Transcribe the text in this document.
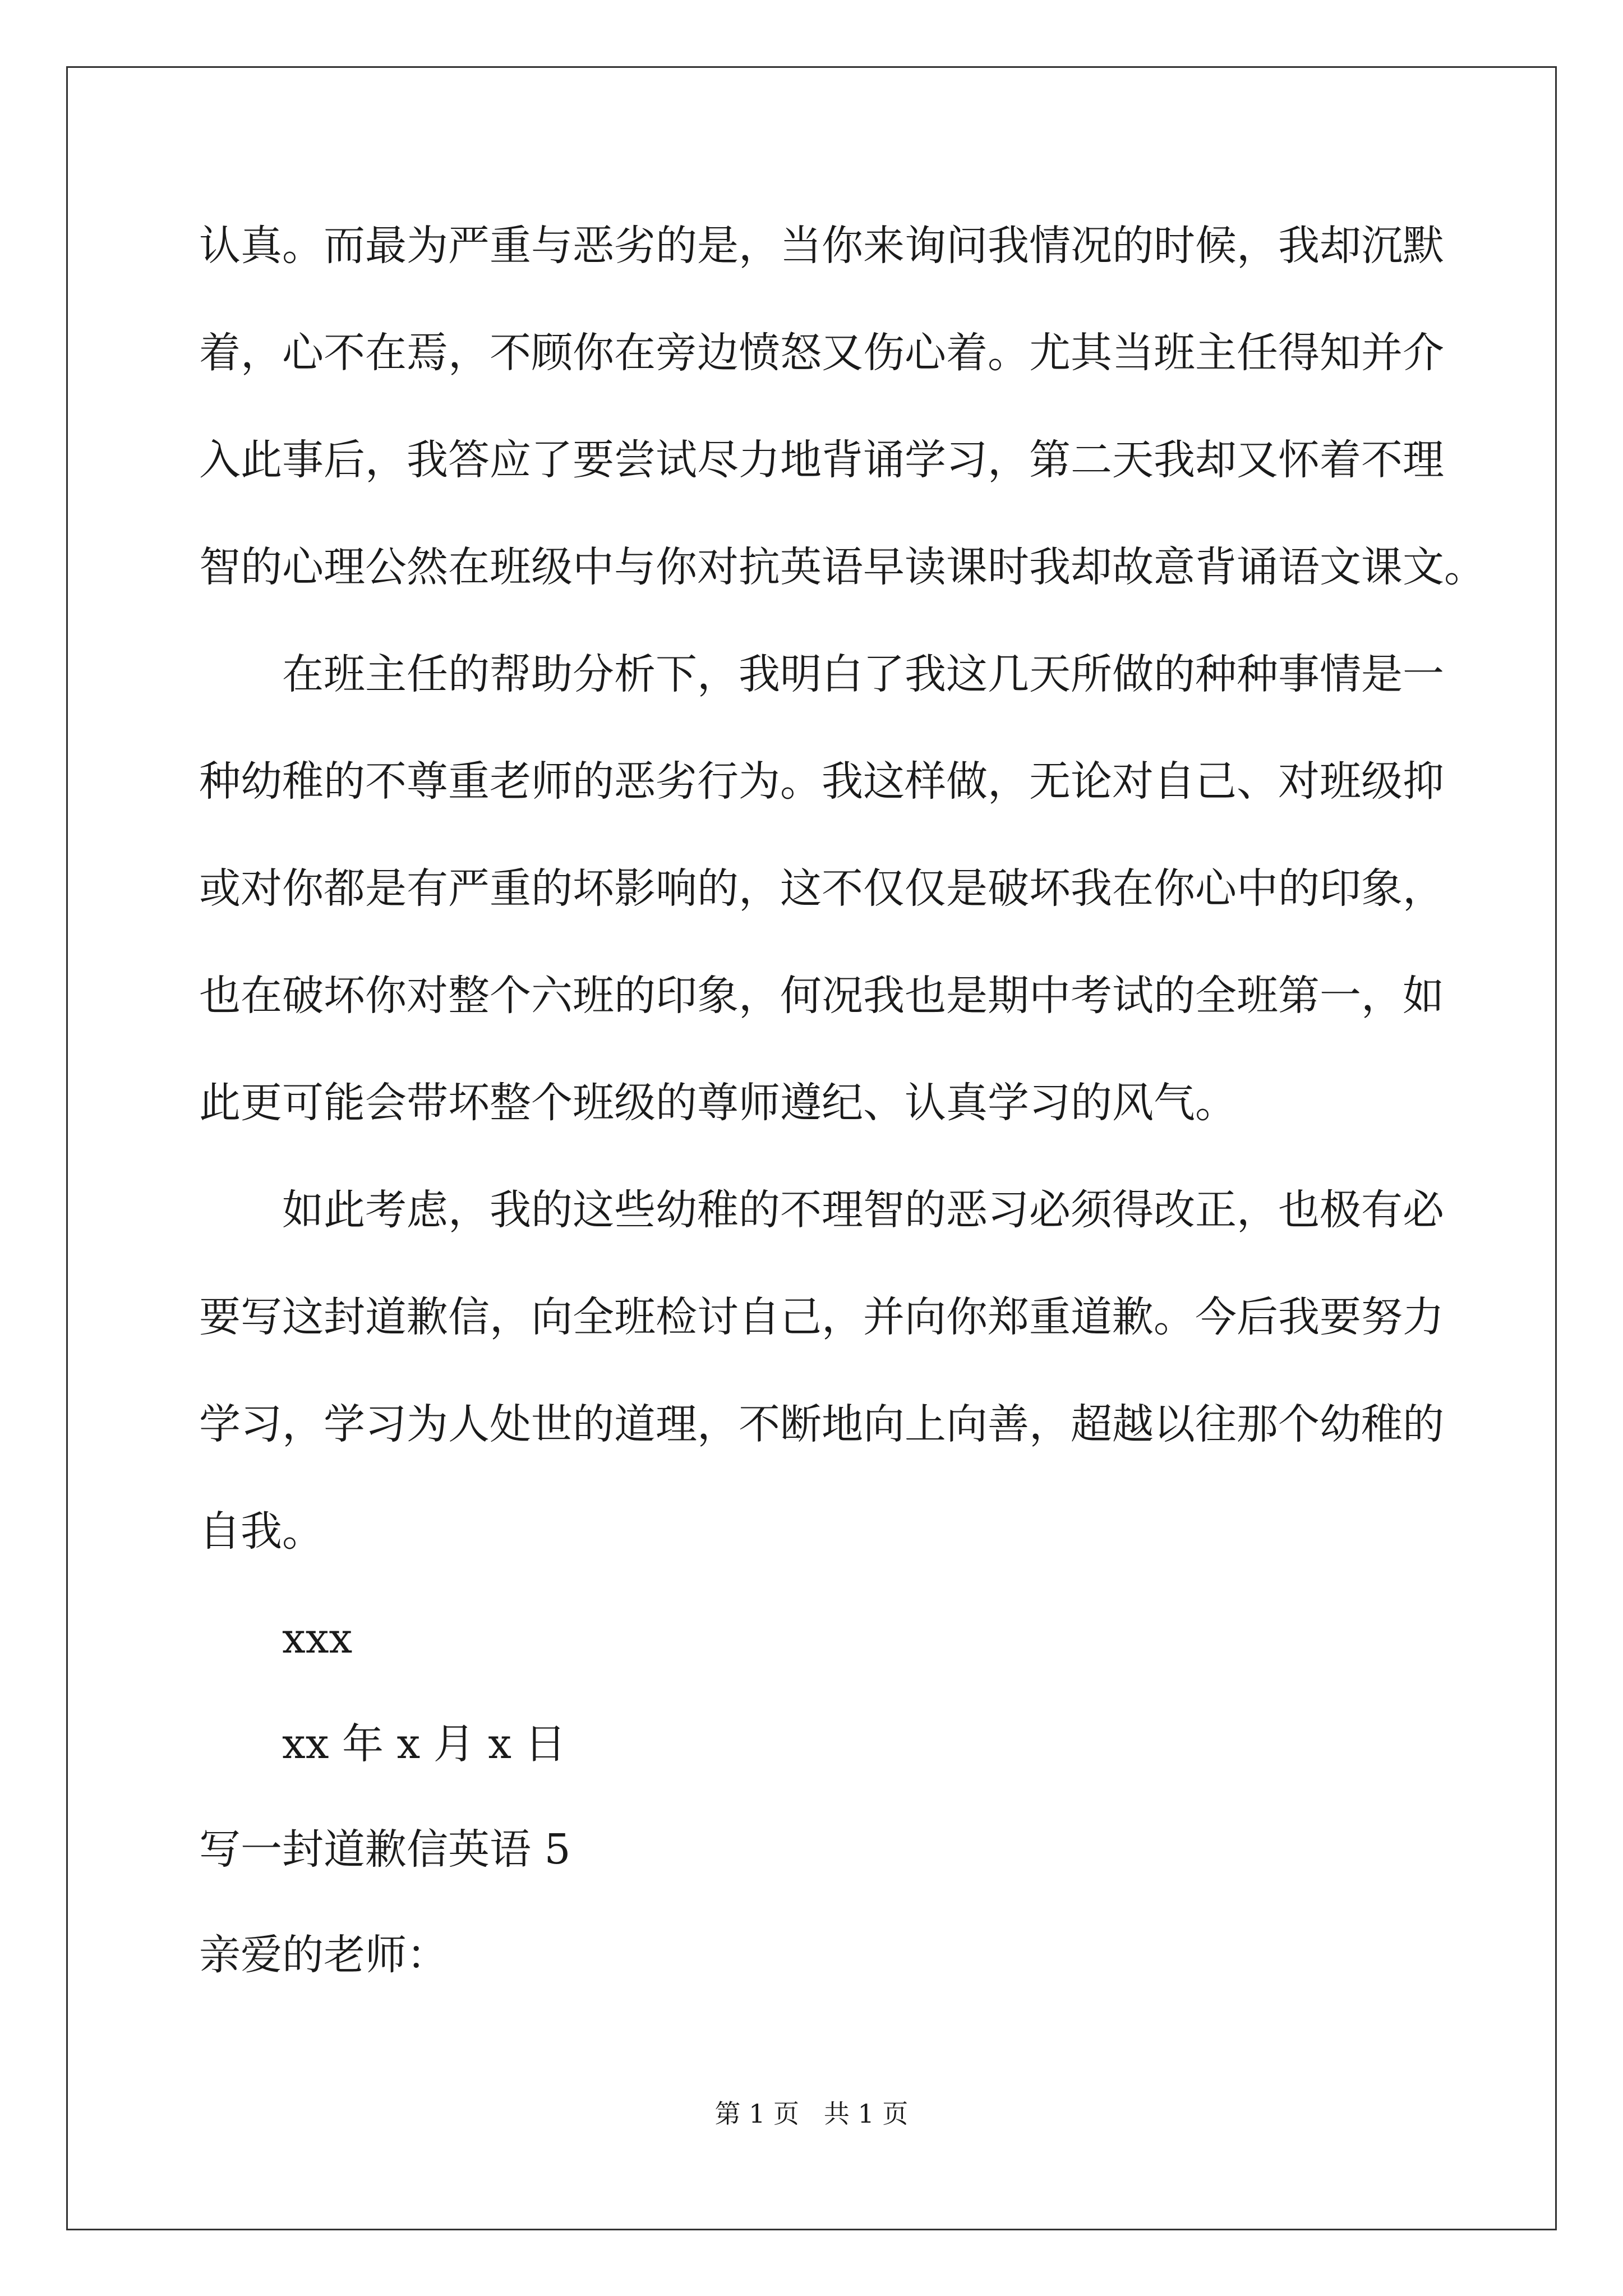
认真。而最为严重与恶劣的是，当你来询问我情况的时候，我却沉默
着，心不在焉，不顾你在旁边愤怒又伤心着。尤其当班主任得知并介
入此事后，我答应了要尝试尽力地背诵学习，第二天我却又怀着不理
智的心理公然在班级中与你对抗英语早读课时我却故意背诵语文课文。
在班主任的帮助分析下，我明白了我这几天所做的种种事情是一
种幼稚的不尊重老师的恶劣行为。我这样做，无论对自己、对班级抑
或对你都是有严重的坏影响的，这不仅仅是破坏我在你心中的印象，
也在破坏你对整个六班的印象，何况我也是期中考试的全班第一，如
此更可能会带坏整个班级的尊师遵纪、认真学习的风气。
如此考虑，我的这些幼稚的不理智的恶习必须得改正，也极有必
要写这封道歉信，向全班检讨自己，并向你郑重道歉。今后我要努力
学习，学习为人处世的道理，不断地向上向善，超越以往那个幼稚的
自我。
xxx
xx 年 x 月 x 日
写一封道歉信英语 5
亲爱的老师：
第 1 页   共 1 页
